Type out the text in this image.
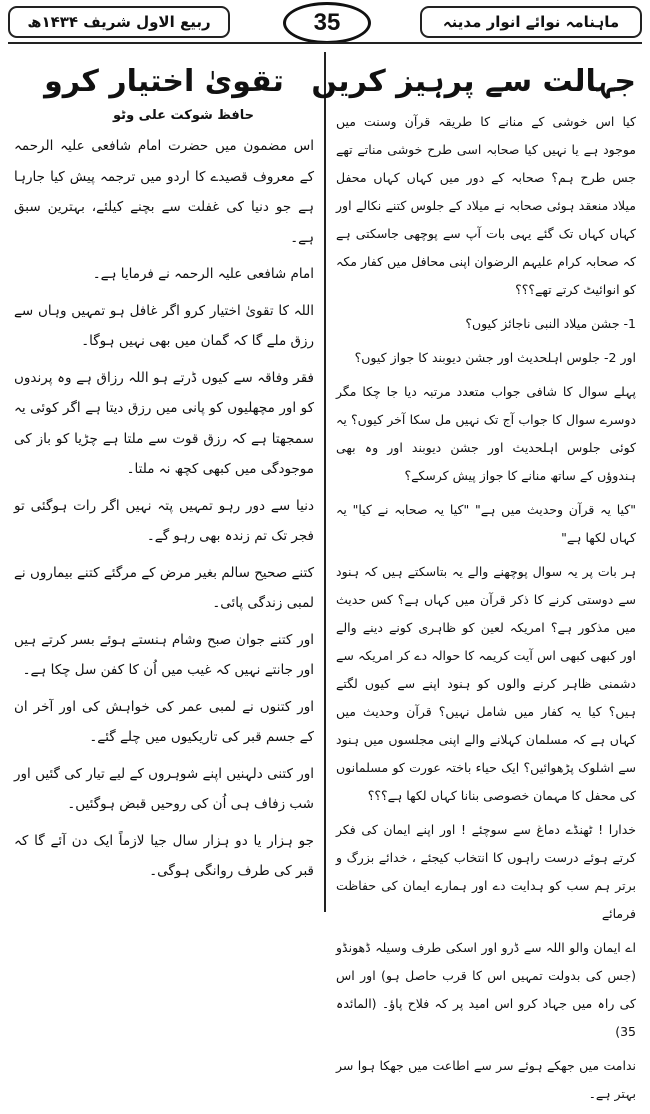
ربیع الاول شریف ۱۴۳۴ھ	35	ماہنامہ نوائے انوار مدینہ
جہالت سے پرہیز کریں

کیا اس خوشی کے منانے کا طریقہ قرآن وسنت میں موجود ہے یا نہیں کیا صحابہ اسی طرح خوشی مناتے تھے جس طرح ہم؟ صحابہ کے دور میں کہاں کہاں محفل میلاد منعقد ہوئی صحابہ نے میلاد کے جلوس کتنے نکالے اور کہاں کہاں تک گئے یہی بات آپ سے پوچھی جاسکتی ہے کہ صحابہ کرام علیہم الرضوان اپنی محافل میں کفار مکہ کو انوائیٹ کرتے تھے؟؟؟

1- جشن میلاد النبی ناجائز کیوں؟

اور 2- جلوس اہلحدیث اور جشن دیوبند کا جواز کیوں؟

پہلے سوال کا شافی جواب متعدد مرتبہ دیا جا چکا مگر دوسرے سوال کا جواب آج تک نہیں مل سکا آخر کیوں؟ یہ کوئی جلوس اہلحدیث اور جشن دیوبند اور وہ بھی ہندوؤں کے ساتھ منانے کا جواز پیش کرسکے؟

"کیا یہ قرآن وحدیث میں ہے" "کیا یہ صحابہ نے کیا" یہ کہاں لکھا ہے"

ہر بات پر یہ سوال پوچھنے والے یہ بتاسکتے ہیں کہ ہنود سے دوستی کرنے کا ذکر قرآن میں کہاں ہے؟ کس حدیث میں مذکور ہے؟ امریکہ لعین کو ظاہری کونے دینے والے اور کبھی کبھی اس آیت کریمہ کا حوالہ دے کر امریکہ سے دشمنی ظاہر کرنے والوں کو ہنود اپنے سے کیوں لگتے ہیں؟ کیا یہ کفار میں شامل نہیں؟ قرآن وحدیث میں کہاں ہے کہ مسلمان کہلانے والے اپنی مجلسوں میں ہنود سے اشلوک پڑھوائیں؟ ایک حیاء باختہ عورت کو مسلمانوں کی محفل کا مہمان خصوصی بنانا کہاں لکھا ہے؟؟؟

خدارا ! ٹھنڈے دماغ سے سوچئے ! اور اپنے ایمان کی فکر کرتے ہوئے درست راہوں کا انتخاب کیجئے ، خدائے بزرگ و برتر ہم سب کو ہدایت دے اور ہمارے ایمان کی حفاظت فرمائے

اے ایمان والو اللہ سے ڈرو اور اسکی طرف وسیلہ ڈھونڈو (جس کی بدولت تمہیں اس کا قرب حاصل ہو) اور اس کی راہ میں جہاد کرو اس امید پر کہ فلاح پاؤ۔ (المائدہ 35)

ندامت میں جھکے ہوئے سر سے اطاعت میں جھکا ہوا سر بہتر ہے۔

تقویٰ اختیار کرو
حافظ شوکت علی وٹو

اس مضمون میں حضرت امام شافعی علیہ الرحمہ کے معروف قصیدے کا اردو میں ترجمہ پیش کیا جارہا ہے جو دنیا کی غفلت سے بچنے کیلئے، بہترین سبق ہے۔

امام شافعی علیہ الرحمہ نے فرمایا ہے۔

اللہ کا تقویٰ اختیار کرو اگر غافل ہو تمہیں وہاں سے رزق ملے گا کہ گمان میں بھی نہیں ہوگا۔

فقر وفاقہ سے کیوں ڈرتے ہو اللہ رزاق ہے وہ پرندوں کو اور مچھلیوں کو پانی میں رزق دیتا ہے اگر کوئی یہ سمجھتا ہے کہ رزق قوت سے ملتا ہے چڑیا کو باز کی موجودگی میں کبھی کچھ نہ ملتا۔

دنیا سے دور رہو تمہیں پتہ نہیں اگر رات ہوگئی تو فجر تک تم زندہ بھی رہو گے۔

کتنے صحیح سالم بغیر مرض کے مرگئے کتنے بیماروں نے لمبی زندگی پائی۔

اور کتنے جوان صبح وشام ہنستے ہوئے بسر کرتے ہیں اور جانتے نہیں کہ غیب میں اُن کا کفن سل چکا ہے۔

اور کتنوں نے لمبی عمر کی خواہش کی اور آخر ان کے جسم قبر کی تاریکیوں میں چلے گئے۔

اور کتنی دلہنیں اپنے شوہروں کے لیے تیار کی گئیں اور شب زفاف ہی اُن کی روحیں قبض ہوگئیں۔

جو ہزار یا دو ہزار سال جیا لازماً ایک دن آئے گا کہ قبر کی طرف روانگی ہوگی۔
